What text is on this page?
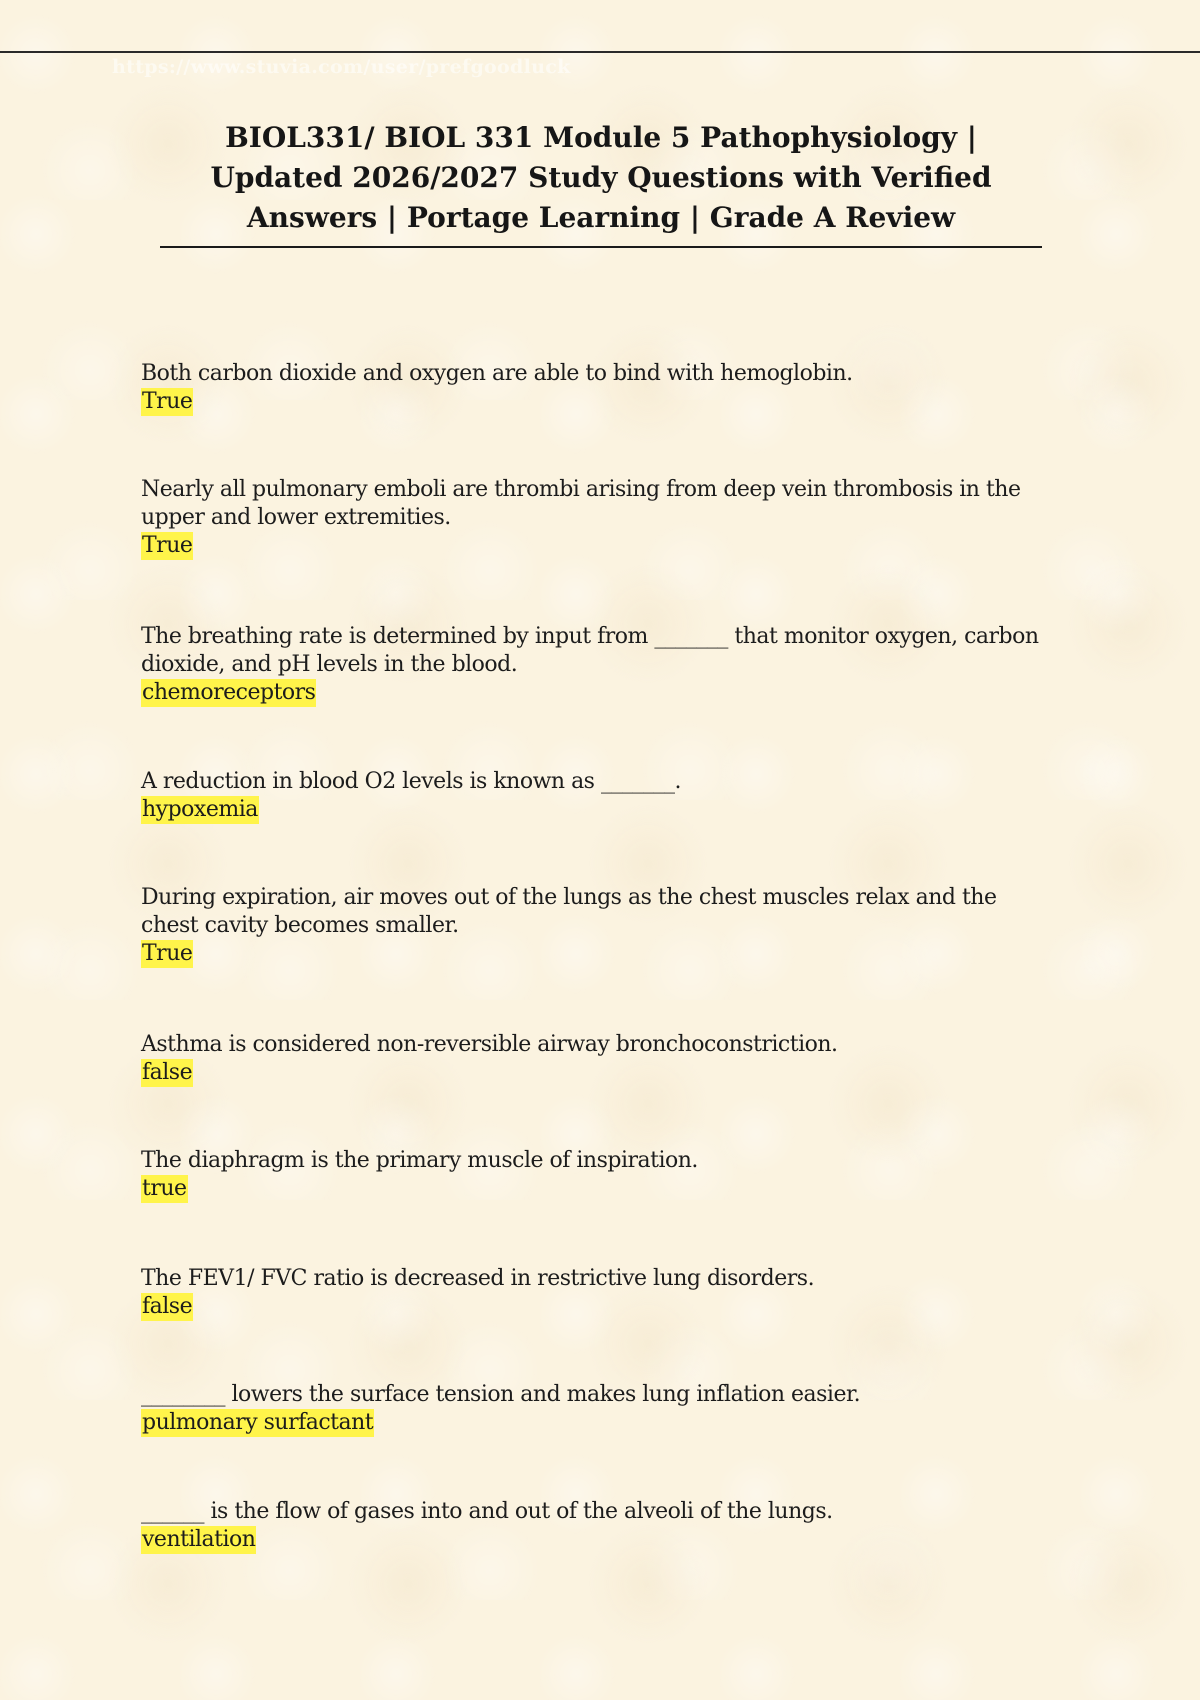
https://www.stuvia.com/user/prefgoodluck
BIOL331/ BIOL 331 Module 5 Pathophysiology | Updated 2026/2027 Study Questions with Verified Answers | Portage Learning | Grade A Review
Both carbon dioxide and oxygen are able to bind with hemoglobin.
True
Nearly all pulmonary emboli are thrombi arising from deep vein thrombosis in the upper and lower extremities.
True
The breathing rate is determined by input from _______ that monitor oxygen, carbon dioxide, and pH levels in the blood.
chemoreceptors
A reduction in blood O2 levels is known as _______.
hypoxemia
During expiration, air moves out of the lungs as the chest muscles relax and the chest cavity becomes smaller.
True
Asthma is considered non-reversible airway bronchoconstriction.
false
The diaphragm is the primary muscle of inspiration.
true
The FEV1/ FVC ratio is decreased in restrictive lung disorders.
false
________ lowers the surface tension and makes lung inflation easier.
pulmonary surfactant
______ is the flow of gases into and out of the alveoli of the lungs.
ventilation
